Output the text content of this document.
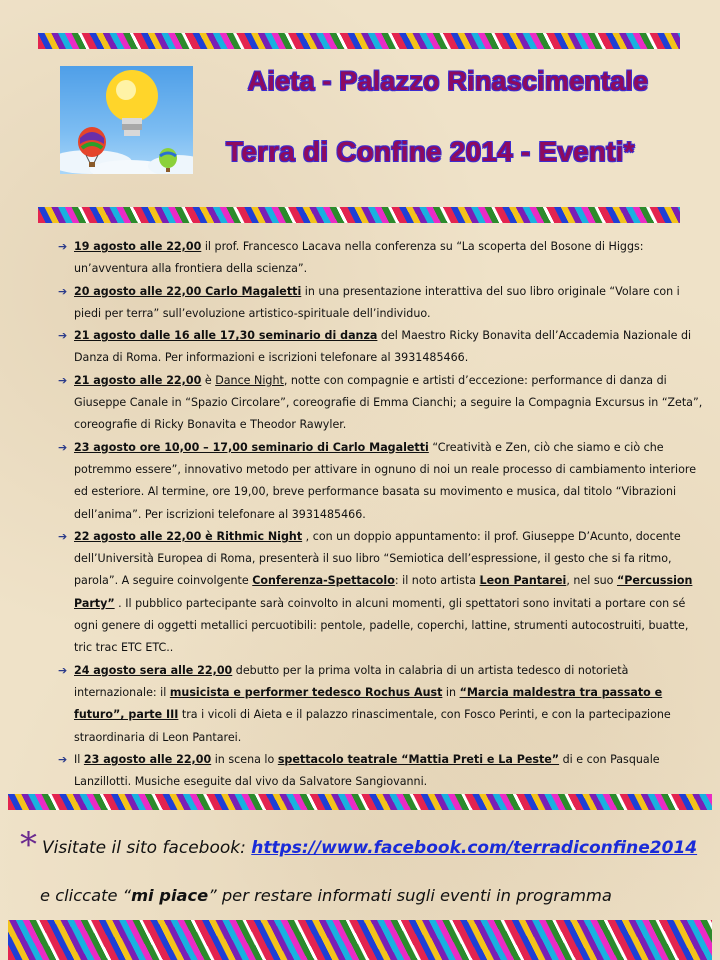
Aieta - Palazzo Rinascimentale
Terra di Confine 2014 - Eventi*
➔ 19 agosto alle 22,00 il prof. Francesco Lacava nella conferenza su “La scoperta del Bosone di Higgs: un’avventura alla frontiera della scienza”.
➔ 20 agosto alle 22,00 Carlo Magaletti in una presentazione interattiva del suo libro originale “Volare con i piedi per terra” sull’evoluzione artistico-spirituale dell’individuo.
➔ 21 agosto dalle 16 alle 17,30 seminario di danza del Maestro Ricky Bonavita dell’Accademia Nazionale di Danza di Roma. Per informazioni e iscrizioni telefonare al 3931485466.
➔ 21 agosto alle 22,00 è Dance Night, notte con compagnie e artisti d’eccezione: performance di danza di Giuseppe Canale in “Spazio Circolare”, coreografie di Emma Cianchi; a seguire la Compagnia Excursus in “Zeta”, coreografie di Ricky Bonavita e Theodor Rawyler.
➔ 23 agosto ore 10,00 – 17,00 seminario di Carlo Magaletti “Creatività e Zen, ciò che siamo e ciò che potremmo essere”, innovativo metodo per attivare in ognuno di noi un reale processo di cambiamento interiore ed esteriore. Al termine, ore 19,00, breve performance basata su movimento e musica, dal titolo “Vibrazioni dell’anima”. Per iscrizioni telefonare al 3931485466.
➔ 22 agosto alle 22,00 è Rithmic Night , con un doppio appuntamento: il prof. Giuseppe D’Acunto, docente dell’Università Europea di Roma, presenterà il suo libro “Semiotica dell’espressione, il gesto che si fa ritmo, parola”. A seguire coinvolgente Conferenza-Spettacolo: il noto artista Leon Pantarei, nel suo “Percussion Party” . Il pubblico partecipante sarà coinvolto in alcuni momenti, gli spettatori sono invitati a portare con sé ogni genere di oggetti metallici percuotibili: pentole, padelle, coperchi, lattine, strumenti autocostruiti, buatte, tric trac ETC ETC..
➔ 24 agosto sera alle 22,00 debutto per la prima volta in calabria di un artista tedesco di notorietà internazionale: il musicista e performer tedesco Rochus Aust in “Marcia maldestra tra passato e futuro”, parte III tra i vicoli di Aieta e il palazzo rinascimentale, con Fosco Perinti, e con la partecipazione straordinaria di Leon Pantarei.
➔ Il 23 agosto alle 22,00 in scena lo spettacolo teatrale “Mattia Preti e La Peste” di e con Pasquale Lanzillotti. Musiche eseguite dal vivo da Salvatore Sangiovanni.
* Visitate il sito facebook: https://www.facebook.com/terradiconfine2014
e cliccate “mi piace” per restare informati sugli eventi in programma
